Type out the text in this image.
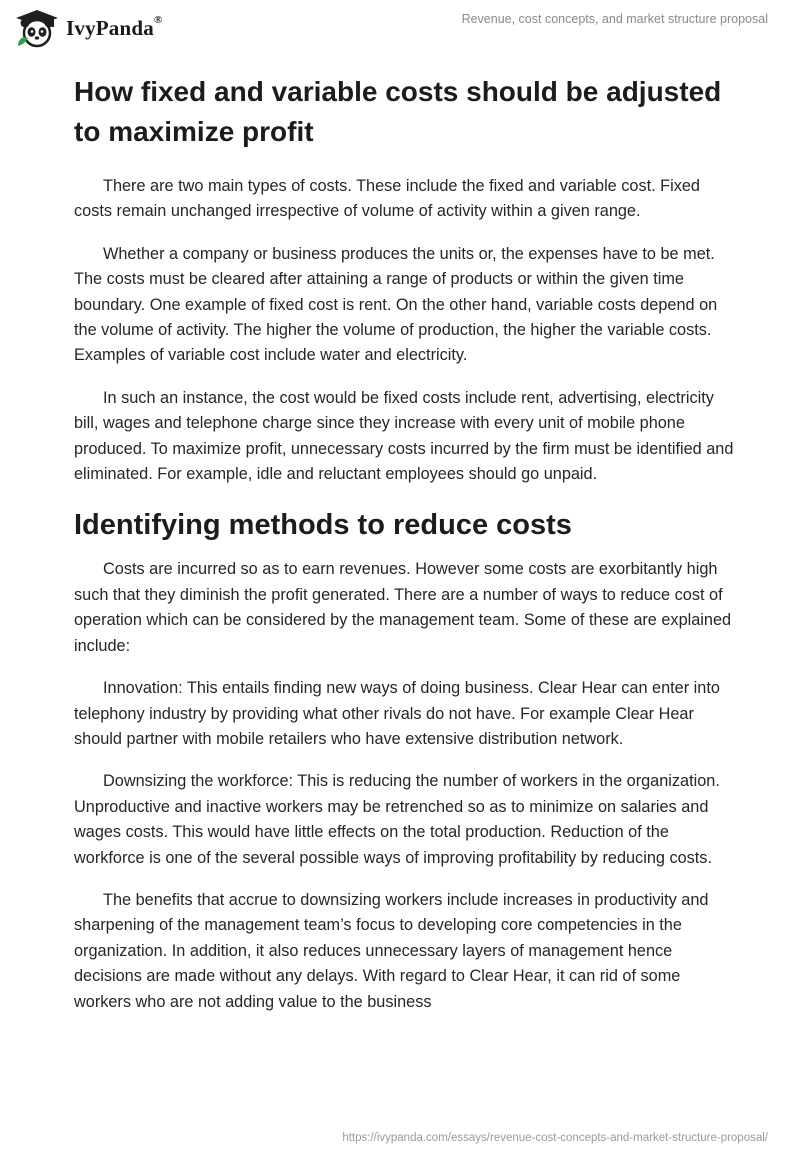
IvyPanda®	Revenue, cost concepts, and market structure proposal
How fixed and variable costs should be adjusted to maximize profit

There are two main types of costs. These include the fixed and variable cost. Fixed costs remain unchanged irrespective of volume of activity within a given range.

Whether a company or business produces the units or, the expenses have to be met. The costs must be cleared after attaining a range of products or within the given time boundary. One example of fixed cost is rent. On the other hand, variable costs depend on the volume of activity. The higher the volume of production, the higher the variable costs. Examples of variable cost include water and electricity.

In such an instance, the cost would be fixed costs include rent, advertising, electricity bill, wages and telephone charge since they increase with every unit of mobile phone produced. To maximize profit, unnecessary costs incurred by the firm must be identified and eliminated. For example, idle and reluctant employees should go unpaid.

Identifying methods to reduce costs

Costs are incurred so as to earn revenues. However some costs are exorbitantly high such that they diminish the profit generated. There are a number of ways to reduce cost of operation which can be considered by the management team. Some of these are explained include:

Innovation: This entails finding new ways of doing business. Clear Hear can enter into telephony industry by providing what other rivals do not have. For example Clear Hear should partner with mobile retailers who have extensive distribution network.

Downsizing the workforce: This is reducing the number of workers in the organization. Unproductive and inactive workers may be retrenched so as to minimize on salaries and wages costs. This would have little effects on the total production. Reduction of the workforce is one of the several possible ways of improving profitability by reducing costs.

The benefits that accrue to downsizing workers include increases in productivity and sharpening of the management team’s focus to developing core competencies in the organization. In addition, it also reduces unnecessary layers of management hence decisions are made without any delays. With regard to Clear Hear, it can rid of some workers who are not adding value to the business

https://ivypanda.com/essays/revenue-cost-concepts-and-market-structure-proposal/
